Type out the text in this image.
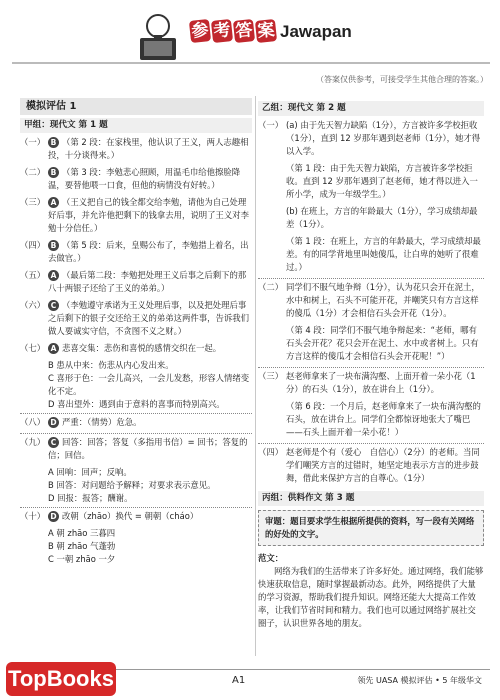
参 考 答 案 Jawapan
（答案仅供参考，可接受学生其他合理的答案。）
模拟评估 1
甲组：现代文 第 1 题
（一） B （第 2 段：在家栈里，他认识了王义，两人志趣相投，十分谈得来。）
（二） B （第 3 段：李勉悲心照顾，用温毛巾给他擦脸降温，要替他喂一口食，但他的病情没有好转。）
（三） A （王义把自己的钱全都交给李勉，请他为自己处理好后事，并允许他把剩下的钱拿去用，说明了王义对李勉十分信任。）
（四） B （第 5 段：后来，皇赐公布了，李勉措上着名，出去做官。）
（五） A （最后第二段：李勉把处理王义后事之后剩下的那八十两银子还给了王义的弟弟。）
（六） C （李勉遵守承诺为王义处理后事，以及把处理后事之后剩下的银子交还给王义的弟弟这两件事，告诉我们做人要诚实守信，不贪图不义之财。）
（七） A 悲喜交集：悲伤和喜悦的感情交织在一起。
B 患从中来：伤悲从内心发出来。
C 喜形于色：一会儿高兴，一会儿发愁，形容人情绪变化不定。
D 喜出望外：遇到由于意料的喜事而特别高兴。
（八） D 严重：（情势）危急。
（九） C 回答：回答；答复（多指用书信）= 回书；答复的信；回信。
A 回响：回声；反响。
B 回答：对问题给予解释；对要求表示意见。
D 回报：报答；酬谢。
（十） D 改朝（zhāo）换代 = 朝朝（cháo）
A 朝 zhāo 三暮四
B 朝 zhāo 气蓬勃
C 一朝 zhāo 一夕
乙组：现代文 第 2 题
（一） (a) 由于先天智力缺陷（1分），方言被许多学校拒收（1分），直到 12 岁那年遇到赵老师（1分），她才得以入学。
（第 1 段：由于先天智力缺陷，方言被许多学校拒收。直到 12 岁那年遇到了赵老师，她才得以进入一所小学，成为一年级学生。）
(b) 在班上，方言的年龄最大（1分），学习成绩却最差（1分）。
（第 1 段：在班上，方言的年龄最大，学习成绩却最差。有的同学背地里叫她傻瓜，让白卑的她听了很难过。）
（二） 同学们不服气地争辩（1分），认为花只会开在泥土，水中和树上，石头不可能开花，并嘲笑只有方言这样的傻瓜（1分）才会相信石头会开花（1分）。
（第 4 段：同学们不服气地争辩起来：“老师，哪有石头会开花？花只会开在泥土、水中或者树上。只有方言这样的傻瓜才会相信石头会开花呢！”）
（三） 赵老师拿来了一块布满沟壑、上面开着一朵小花（1分）的石头（1分），放在讲台上（1分）。
（第 6 段：一个月后，赵老师拿来了一块布满沟壑的石头，放在讲台上。同学们全都惊讶地张大了嘴巴——石头上面开着一朵小花！）
（四） 赵老师是个有（爱心　自信心）（2分）的老师。当同学们嘲笑方言的过错时，她坚定地表示方言的进步鼓舞，借此来保护方言的自尊心。（1分）
丙组：供料作文 第 3 题
审题：题目要求学生根据所提供的资料，写一段有关网络的好处的文字。
范文：
网络为我们的生活带来了许多好处。通过网络，我们能够快速获取信息，随时掌握最新动态。此外，网络提供了大量的学习资源，帮助我们提升知识。网络还能大大提高工作效率，让我们节省时间和精力。我们也可以通过网络扩展社交圈子，认识世界各地的朋友。
A1	领先 UASA 模拟评估 • 5 年级华文
TopBooks
